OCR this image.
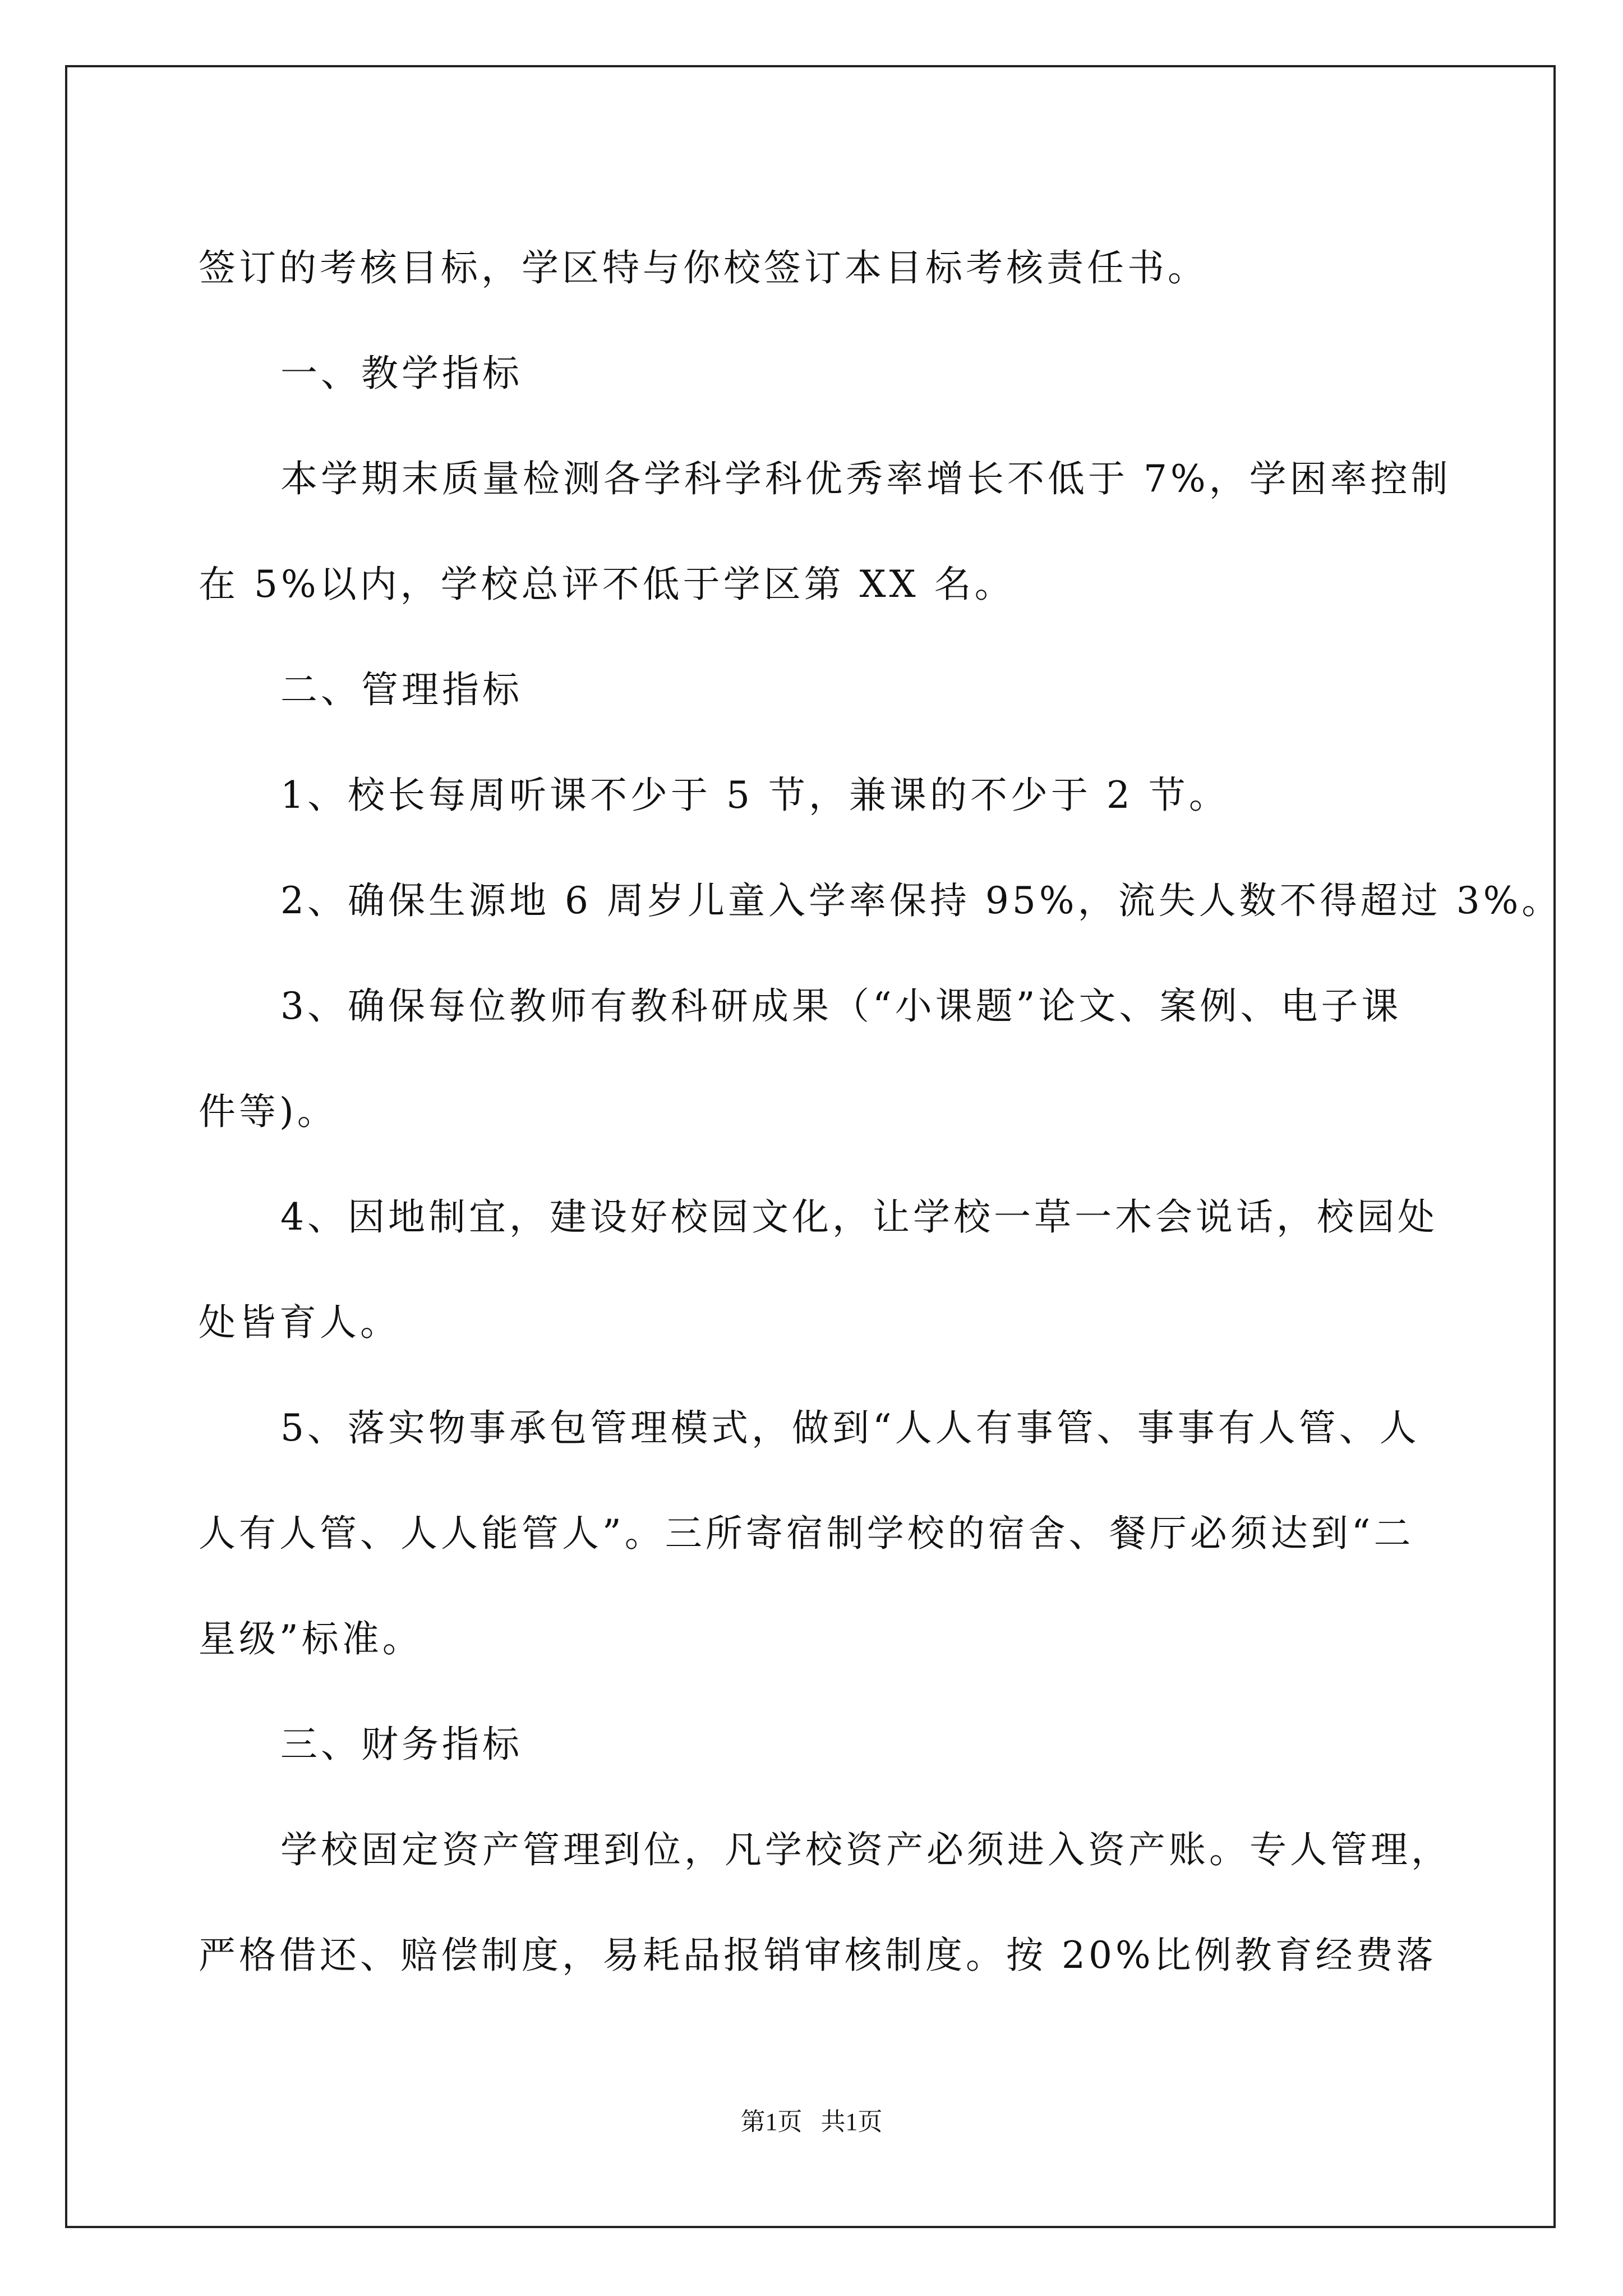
签订的考核目标，学区特与你校签订本目标考核责任书。
一、教学指标
本学期末质量检测各学科学科优秀率增长不低于 7%，学困率控制
在 5%以内，学校总评不低于学区第 XX 名。
二、管理指标
1、校长每周听课不少于 5 节，兼课的不少于 2 节。
2、确保生源地 6 周岁儿童入学率保持 95%，流失人数不得超过 3%。
3、确保每位教师有教科研成果（“小课题”论文、案例、电子课
件等)。
4、因地制宜，建设好校园文化，让学校一草一木会说话，校园处
处皆育人。
5、落实物事承包管理模式，做到“人人有事管、事事有人管、人
人有人管、人人能管人”。三所寄宿制学校的宿舍、餐厅必须达到“二
星级”标准。
三、财务指标
学校固定资产管理到位，凡学校资产必须进入资产账。专人管理，
严格借还、赔偿制度，易耗品报销审核制度。按 20%比例教育经费落
第1页   共1页
